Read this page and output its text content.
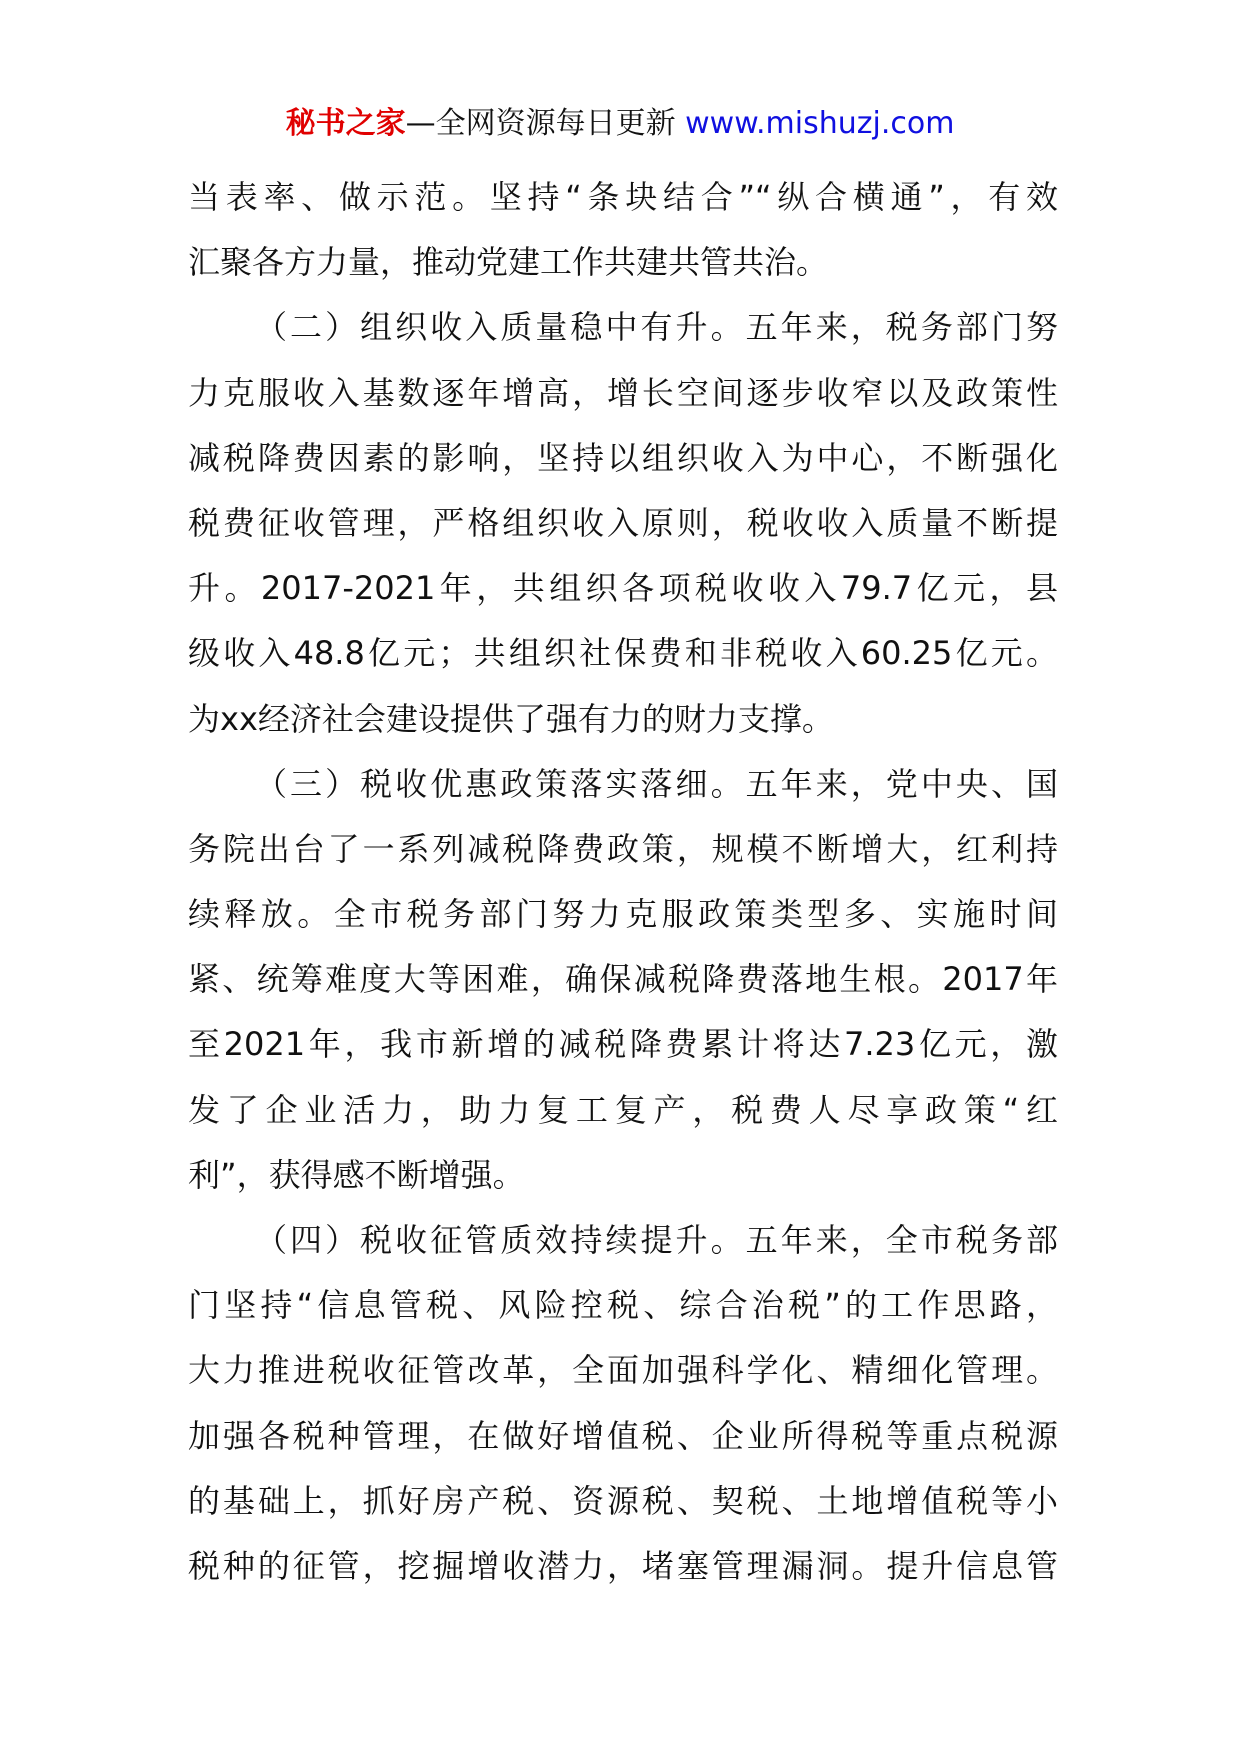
秘书之家—全网资源每日更新 www.mishuzj.com
当表率、做示范。坚持“条块结合”“纵合横通”，有效
汇聚各方力量，推动党建工作共建共管共治。
（二）组织收入质量稳中有升。五年来，税务部门努
力克服收入基数逐年增高，增长空间逐步收窄以及政策性
减税降费因素的影响，坚持以组织收入为中心，不断强化
税费征收管理，严格组织收入原则，税收收入质量不断提
升。2017-2021年，共组织各项税收收入79.7亿元，县
级收入48.8亿元；共组织社保费和非税收入60.25亿元。
为xx经济社会建设提供了强有力的财力支撑。
（三）税收优惠政策落实落细。五年来，党中央、国
务院出台了一系列减税降费政策，规模不断增大，红利持
续释放。全市税务部门努力克服政策类型多、实施时间
紧、统筹难度大等困难，确保减税降费落地生根。2017年
至2021年，我市新增的减税降费累计将达7.23亿元，激
发了企业活力，助力复工复产，税费人尽享政策“红
利”，获得感不断增强。
（四）税收征管质效持续提升。五年来，全市税务部
门坚持“信息管税、风险控税、综合治税”的工作思路，
大力推进税收征管改革，全面加强科学化、精细化管理。
加强各税种管理，在做好增值税、企业所得税等重点税源
的基础上，抓好房产税、资源税、契税、土地增值税等小
税种的征管，挖掘增收潜力，堵塞管理漏洞。提升信息管
